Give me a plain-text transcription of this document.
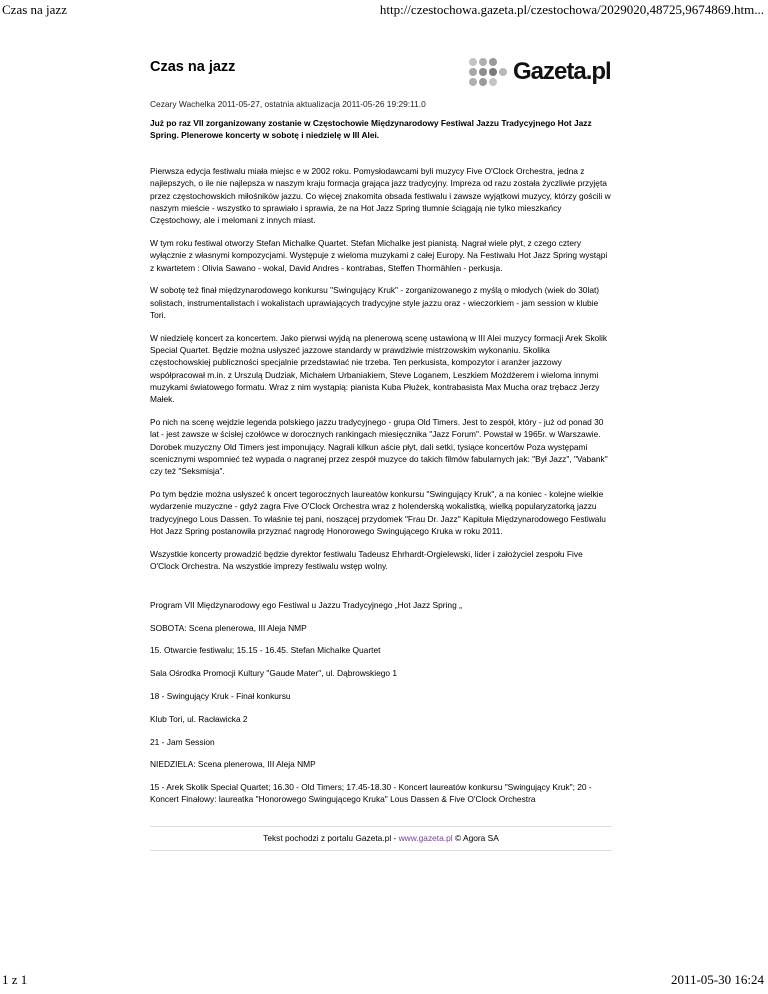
Czas na jazz	http://czestochowa.gazeta.pl/czestochowa/2029020,48725,9674869.htm...
Czas na jazz	Gazeta.pl
Cezary Wachelka 2011-05-27, ostatnia aktualizacja 2011-05-26 19:29:11.0
Już po raz VII zorganizowany zostanie w Częstochowie Międzynarodowy Festiwal Jazzu Tradycyjnego Hot Jazz Spring. Plenerowe koncerty w sobotę i niedzielę w III Alei.

Pierwsza edycja festiwalu miała miejsc e w 2002 roku. Pomysłodawcami byli muzycy Five O'Clock Orchestra, jedna z najlepszych, o ile nie najlepsza w naszym kraju formacja grająca jazz tradycyjny. Impreza od razu została życzliwie przyjęta przez częstochowskich miłośników jazzu. Co więcej znakomita obsada festiwalu i zawsze wyjątkowi muzycy, którzy gościli w naszym mieście - wszystko to sprawiało i sprawia, że na Hot Jazz Spring tłumnie ściągają nie tylko mieszkańcy Częstochowy, ale i melomani z innych miast.

W tym roku festiwal otworzy Stefan Michalke Quartet. Stefan Michalke jest pianistą. Nagrał wiele płyt, z czego cztery wyłącznie z własnymi kompozycjami. Występuje z wieloma muzykami z całej Europy. Na Festiwalu Hot Jazz Spring wystąpi z kwartetem : Olivia Sawano - wokal, David Andres - kontrabas, Steffen Thormählen - perkusja.

W sobotę też finał międzynarodowego konkursu "Swingujący Kruk" - zorganizowanego z myślą o młodych (wiek do 30lat) solistach, instrumentalistach i wokalistach uprawiających tradycyjne style jazzu oraz - wieczorkiem - jam session w klubie Tori.

W niedzielę koncert za koncertem. Jako pierwsi wyjdą na plenerową scenę ustawioną w III Alei muzycy formacji Arek Skolik Special Quartet. Będzie można usłyszeć jazzowe standardy w prawdziwie mistrzowskim wykonaniu. Skolika częstochowskiej publiczności specjalnie przedstawiać nie trzeba. Ten perkusista, kompozytor i aranżer jazzowy współpracował m.in. z Urszulą Dudziak, Michałem Urbaniakiem, Steve Loganem, Leszkiem Możdżerem i wieloma innymi muzykami światowego formatu. Wraz z nim wystąpią: pianista Kuba Płużek, kontrabasista Max Mucha oraz trębacz Jerzy Małek.

Po nich na scenę wejdzie legenda polskiego jazzu tradycyjnego - grupa Old Timers. Jest to zespół, który - już od ponad 30 lat - jest zawsze w ścisłej czołówce w dorocznych rankingach miesięcznika "Jazz Forum". Powstał w 1965r. w Warszawie. Dorobek muzyczny Old Timers jest imponujący. Nagrali kilkun aście płyt, dali setki, tysiące koncertów Poza występami scenicznymi wspomnieć też wypada o nagranej przez zespół muzyce do takich filmów fabularnych jak: "Był Jazz", "Vabank" czy też "Seksmisja".

Po tym będzie można usłyszeć k oncert tegorocznych laureatów konkursu "Swingujący Kruk", a na koniec - kolejne wielkie wydarzenie muzyczne - gdyż zagra Five O'Clock Orchestra wraz z holenderską wokalistką, wielką popularyzatorką jazzu tradycyjnego Lous Dassen. To właśnie tej pani, noszącej przydomek "Frau Dr. Jazz" Kapituła Międzynarodowego Festiwalu Hot Jazz Spring postanowiła przyznać nagrodę Honorowego Swingującego Kruka w roku 2011.

Wszystkie koncerty prowadzić będzie dyrektor festiwalu Tadeusz Ehrhardt-Orgielewski, lider i założyciel zespołu Five O'Clock Orchestra. Na wszystkie imprezy festiwalu wstęp wolny.

Program VII Międzynarodowy ego Festiwal u Jazzu Tradycyjnego „Hot Jazz Spring „

SOBOTA: Scena plenerowa, III Aleja NMP

15. Otwarcie festiwalu; 15.15 - 16.45. Stefan Michalke Quartet

Sala Ośrodka Promocji Kultury "Gaude Mater", ul. Dąbrowskiego 1

18 - Swingujący Kruk - Finał konkursu

Klub Tori, ul. Racławicka 2

21 - Jam Session

NIEDZIELA: Scena plenerowa, III Aleja NMP

15 - Arek Skolik Special Quartet; 16.30 - Old Timers; 17.45-18.30 - Koncert laureatów konkursu "Swingujący Kruk"; 20 - Koncert Finałowy: laureatka "Honorowego Swingującego Kruka" Lous Dassen & Five O'Clock Orchestra

Tekst pochodzi z portalu Gazeta.pl - www.gazeta.pl © Agora SA
1 z 1	2011-05-30 16:24
